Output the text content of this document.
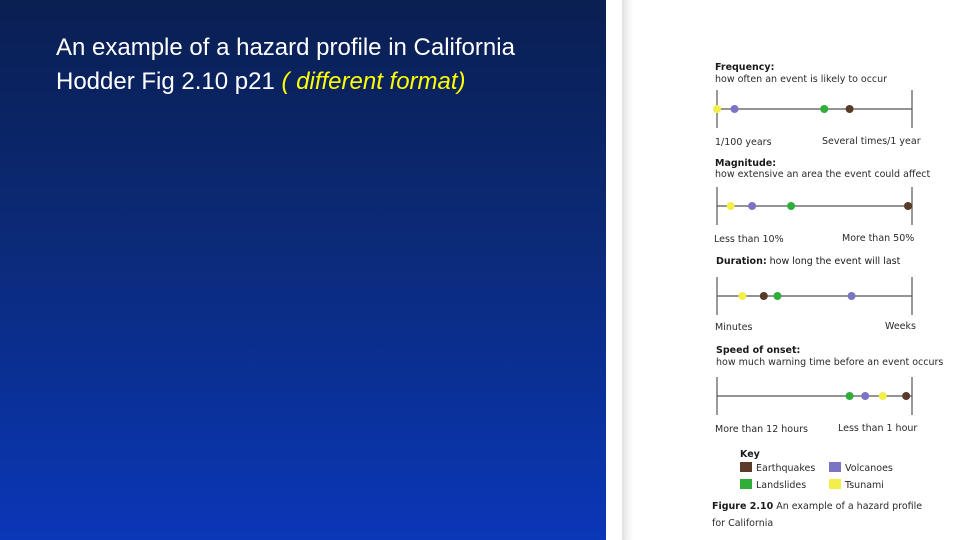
An example of a hazard profile in California
Hodder Fig 2.10 p21 ( different format)
Frequency:
how often an event is likely to occur
1/100 years	Several times/1 year
Magnitude:
how extensive an area the event could affect
Less than 10%	More than 50%
Duration: how long the event will last
Minutes	Weeks
Speed of onset:
how much warning time before an event occurs
More than 12 hours	Less than 1 hour
Key
Earthquakes	Volcanoes
Landslides	Tsunami
Figure 2.10 An example of a hazard profile
for California
